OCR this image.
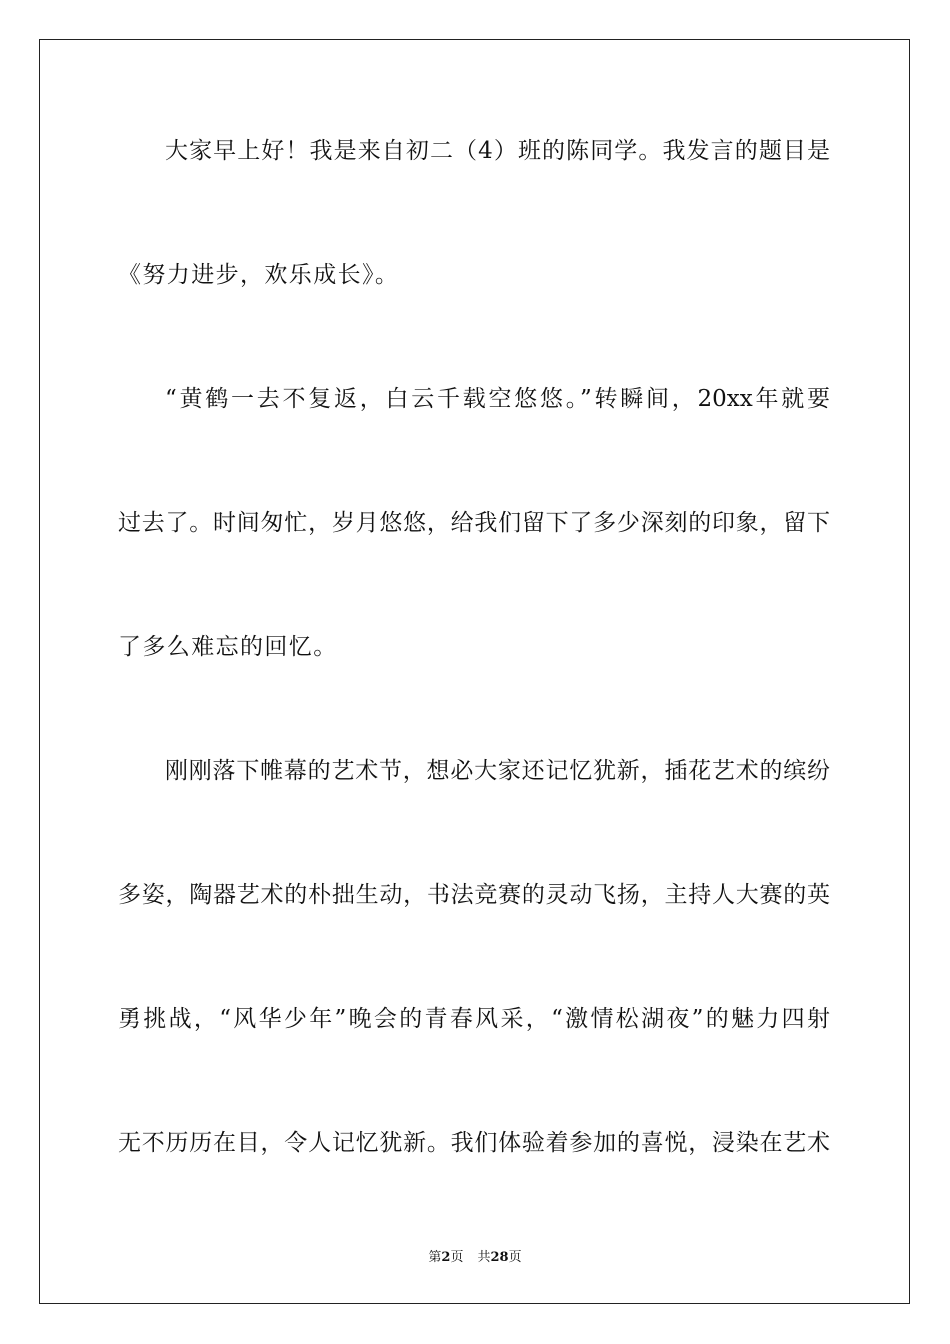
大家早上好！我是来自初二（4）班的陈同学。我发言的题目是
《努力进步，欢乐成长》。
“黄鹤一去不复返，白云千载空悠悠。”转瞬间，20xx年就要
过去了。时间匆忙，岁月悠悠，给我们留下了多少深刻的印象，留下
了多么难忘的回忆。
刚刚落下帷幕的艺术节，想必大家还记忆犹新，插花艺术的缤纷
多姿，陶器艺术的朴拙生动，书法竞赛的灵动飞扬，主持人大赛的英
勇挑战，“风华少年”晚会的青春风采，“激情松湖夜”的魅力四射
无不历历在目，令人记忆犹新。我们体验着参加的喜悦，浸染在艺术
第2页 共28页
